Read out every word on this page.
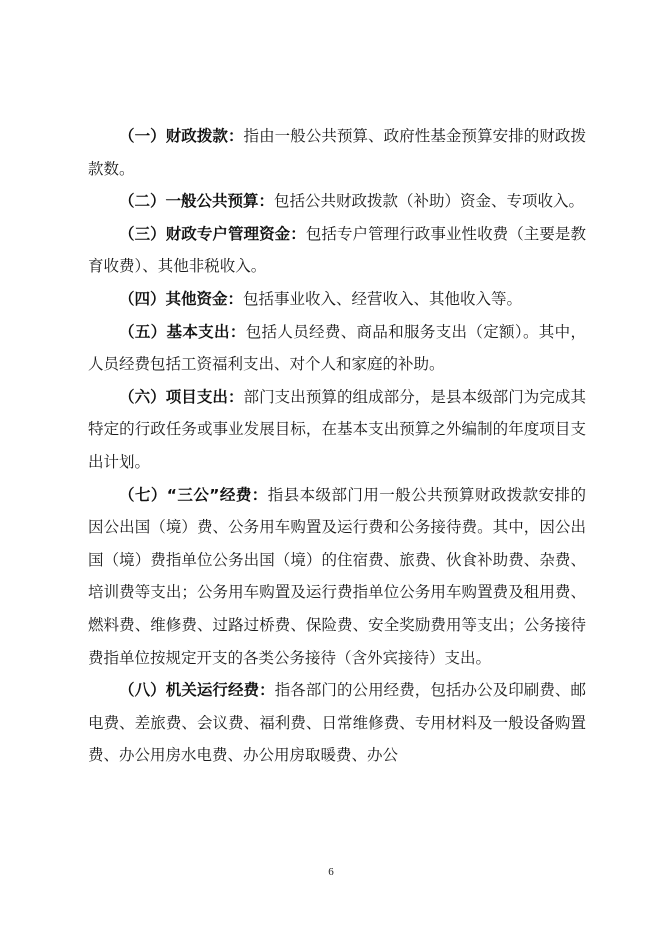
（一）财政拨款：指由一般公共预算、政府性基金预算安排的财政拨款数。

（二）一般公共预算：包括公共财政拨款（补助）资金、专项收入。

（三）财政专户管理资金：包括专户管理行政事业性收费（主要是教育收费）、其他非税收入。

（四）其他资金：包括事业收入、经营收入、其他收入等。

（五）基本支出：包括人员经费、商品和服务支出（定额）。其中，人员经费包括工资福利支出、对个人和家庭的补助。

（六）项目支出：部门支出预算的组成部分，是县本级部门为完成其特定的行政任务或事业发展目标，在基本支出预算之外编制的年度项目支出计划。

（七）“三公”经费：指县本级部门用一般公共预算财政拨款安排的因公出国（境）费、公务用车购置及运行费和公务接待费。其中，因公出国（境）费指单位公务出国（境）的住宿费、旅费、伙食补助费、杂费、培训费等支出；公务用车购置及运行费指单位公务用车购置费及租用费、燃料费、维修费、过路过桥费、保险费、安全奖励费用等支出；公务接待费指单位按规定开支的各类公务接待（含外宾接待）支出。

（八）机关运行经费：指各部门的公用经费，包括办公及印刷费、邮电费、差旅费、会议费、福利费、日常维修费、专用材料及一般设备购置费、办公用房水电费、办公用房取暖费、办公

6
